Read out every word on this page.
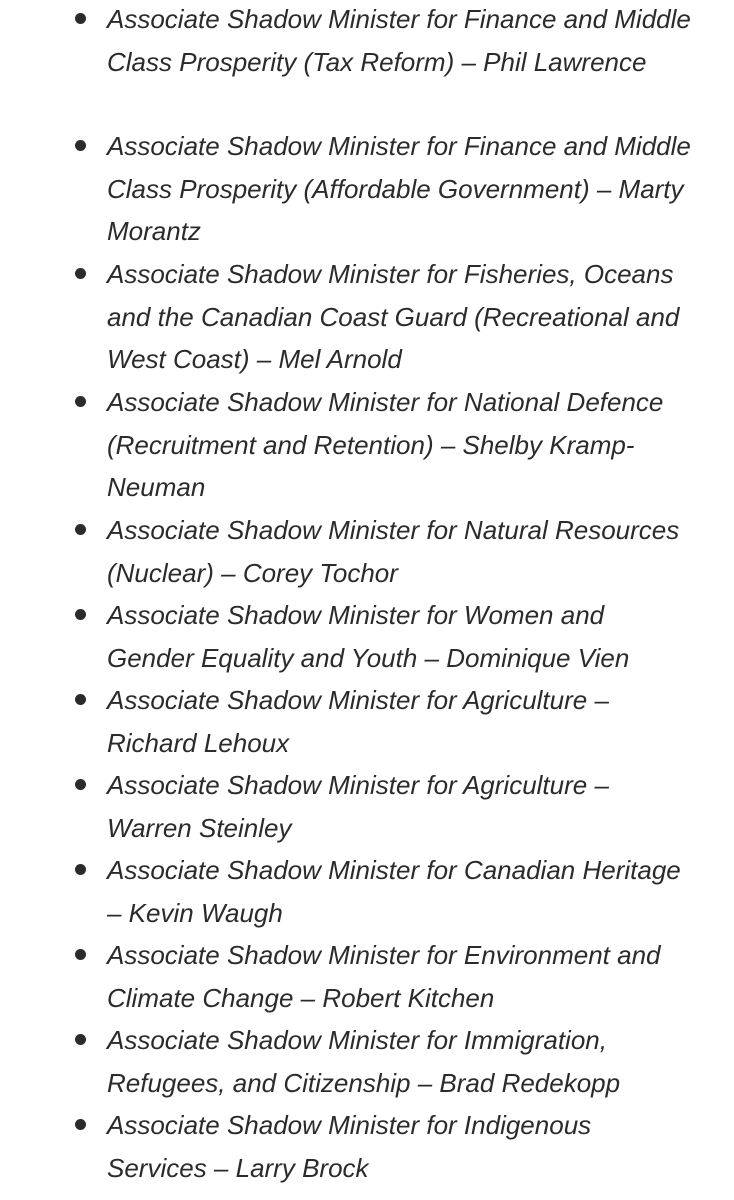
Associate Shadow Minister for Finance and Middle Class Prosperity (Tax Reform) – Phil Lawrence
Associate Shadow Minister for Finance and Middle Class Prosperity (Affordable Government) – Marty Morantz
Associate Shadow Minister for Fisheries, Oceans and the Canadian Coast Guard (Recreational and West Coast) – Mel Arnold
Associate Shadow Minister for National Defence (Recruitment and Retention) – Shelby Kramp-Neuman
Associate Shadow Minister for Natural Resources (Nuclear) – Corey Tochor
Associate Shadow Minister for Women and Gender Equality and Youth – Dominique Vien
Associate Shadow Minister for Agriculture – Richard Lehoux
Associate Shadow Minister for Agriculture – Warren Steinley
Associate Shadow Minister for Canadian Heritage – Kevin Waugh
Associate Shadow Minister for Environment and Climate Change – Robert Kitchen
Associate Shadow Minister for Immigration, Refugees, and Citizenship – Brad Redekopp
Associate Shadow Minister for Indigenous Services – Larry Brock
